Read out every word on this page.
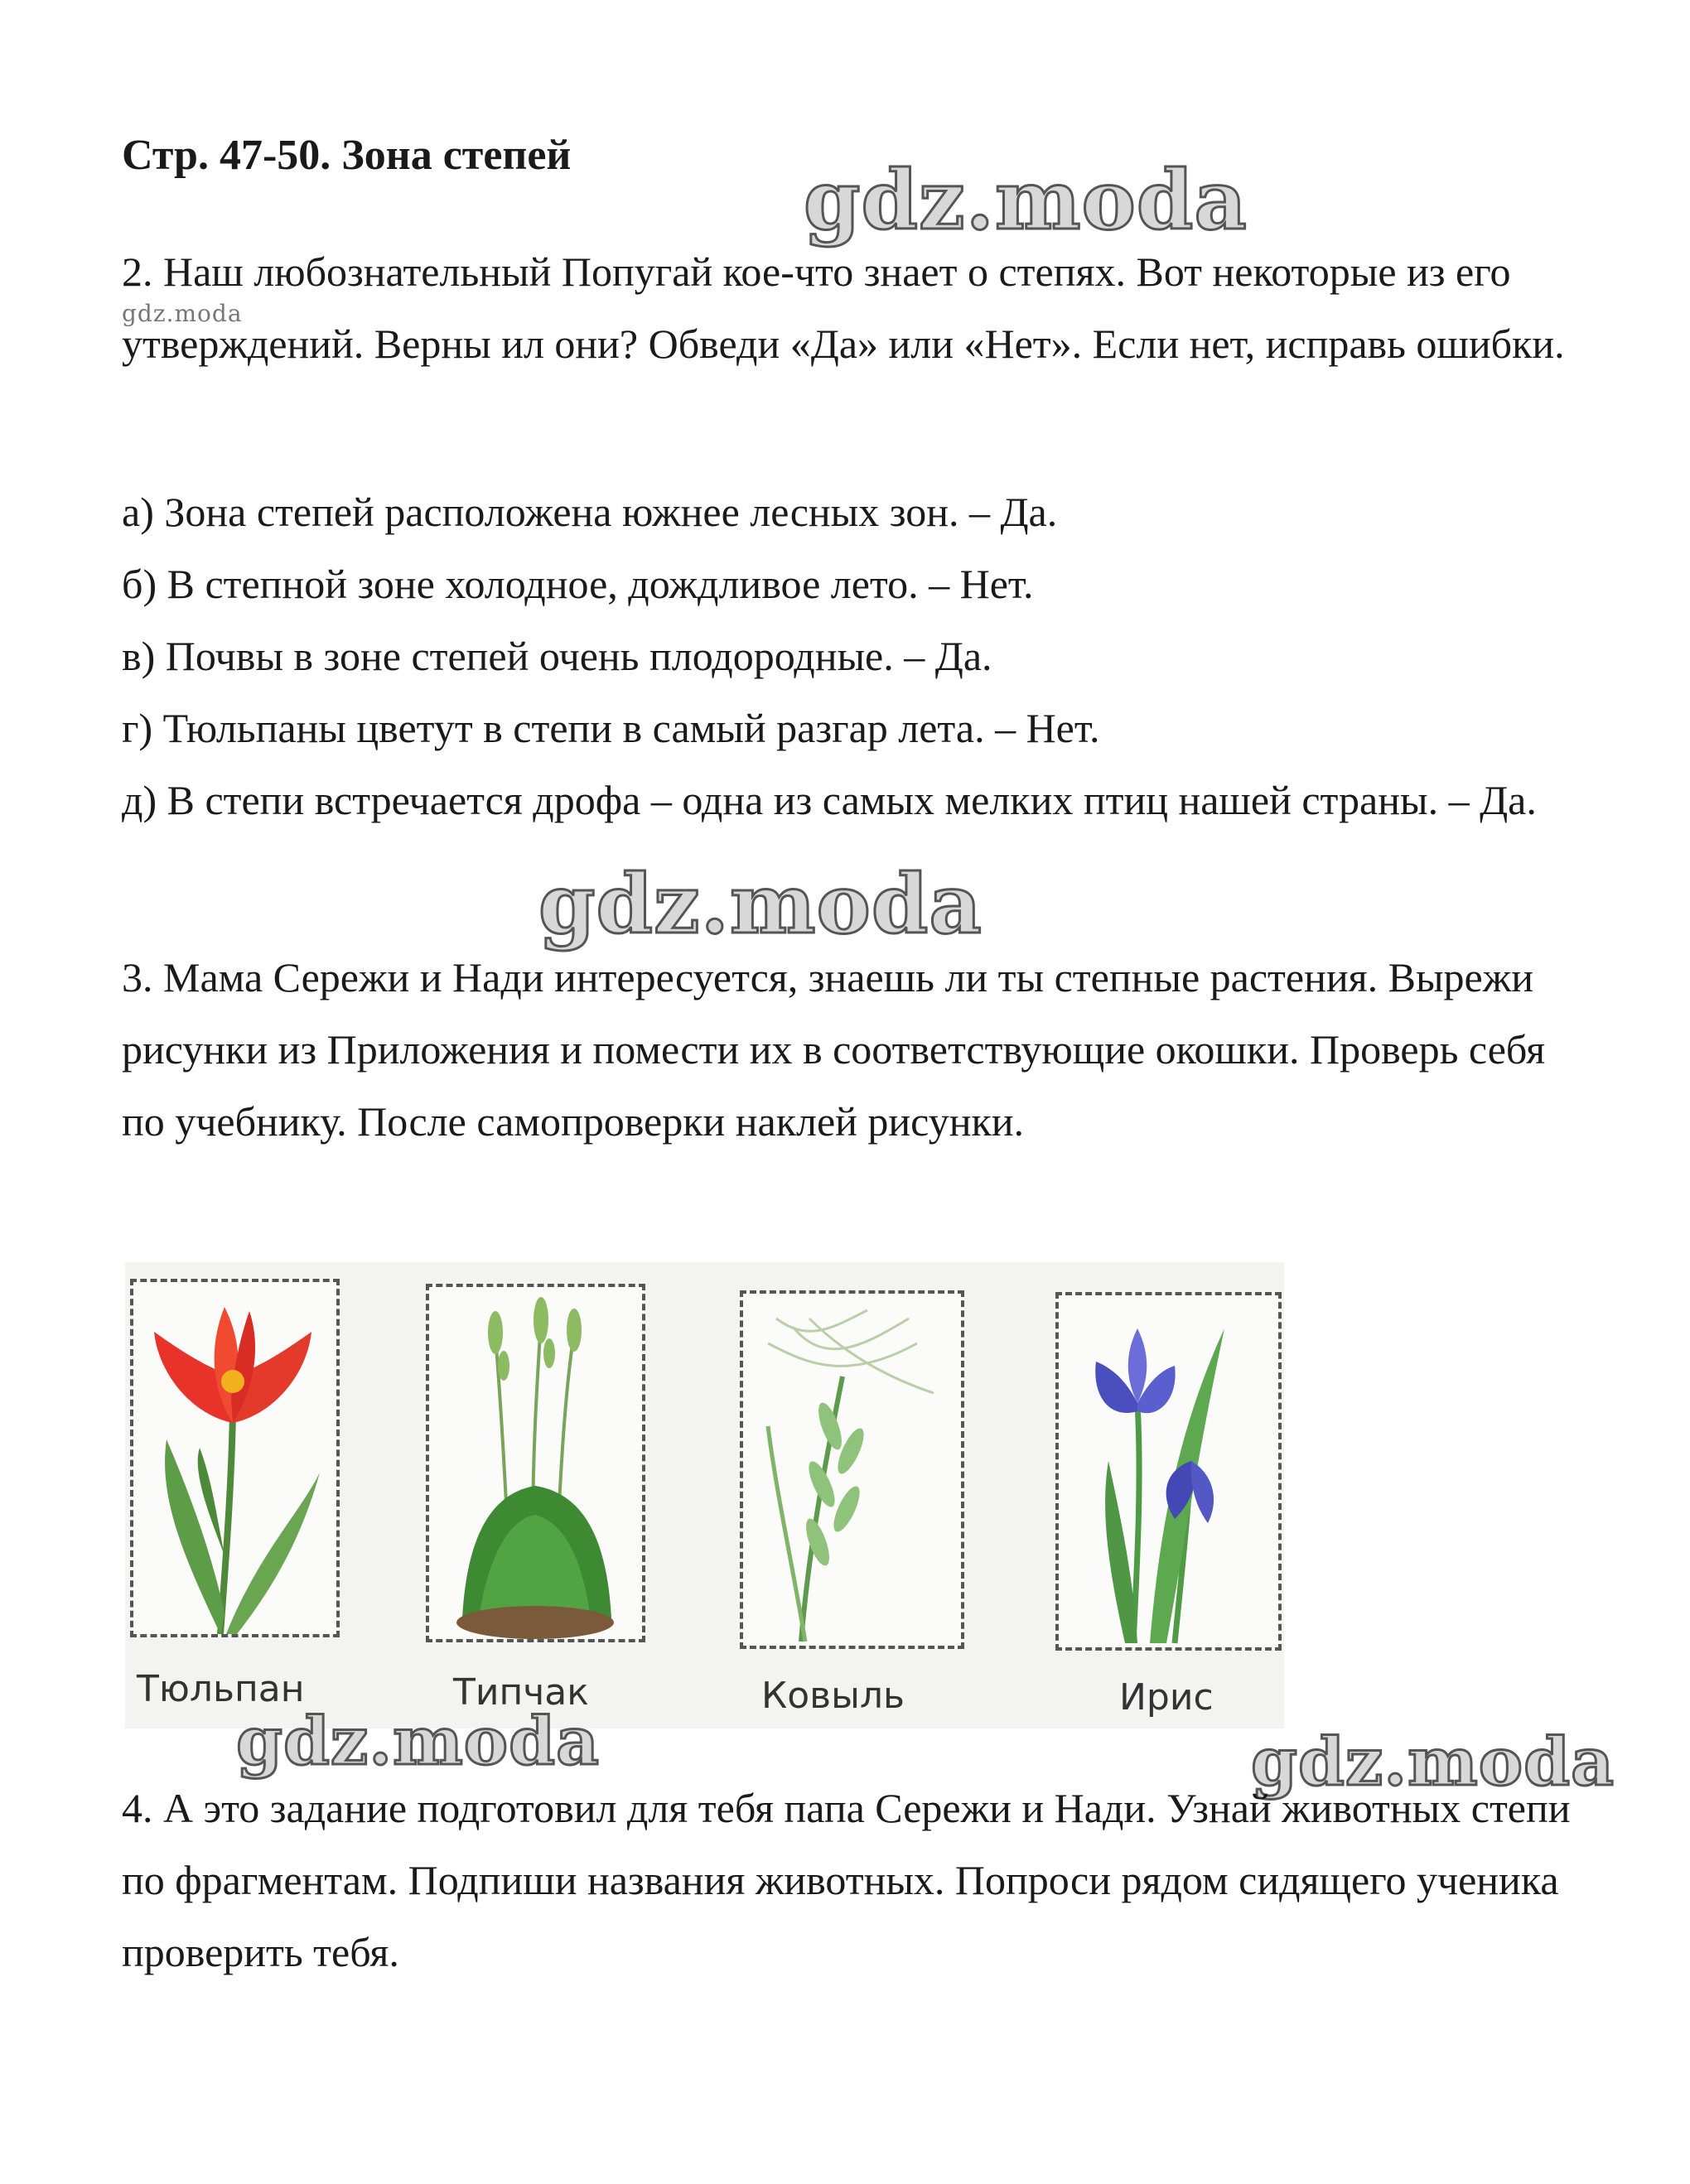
Стр. 47-50. Зона степей	gdz.moda

2. Наш любознательный Попугай кое-что знает о степях. Вот некоторые из его утверждений. Верны ил они? Обведи «Да» или «Нет». Если нет, исправь ошибки.

gdz.moda
а) Зона степей расположена южнее лесных зон. – Да.
б) В степной зоне холодное, дождливое лето. – Нет.
в) Почвы в зоне степей очень плодородные. – Да.
г) Тюльпаны цветут в степи в самый разгар лета. – Нет.
д) В степи встречается дрофа – одна из самых мелких птиц нашей страны. – Да.
gdz.moda

3. Мама Сережи и Нади интересуется, знаешь ли ты степные растения. Вырежи рисунки из Приложения и помести их в соответствующие окошки. Проверь себя по учебнику. После самопроверки наклей рисунки.

Тюльпан	Типчак	Ковыль	Ирис
gdz.moda	gdz.moda

4. А это задание подготовил для тебя папа Сережи и Нади. Узнай животных степи по фрагментам. Подпиши названия животных. Попроси рядом сидящего ученика проверить тебя.
